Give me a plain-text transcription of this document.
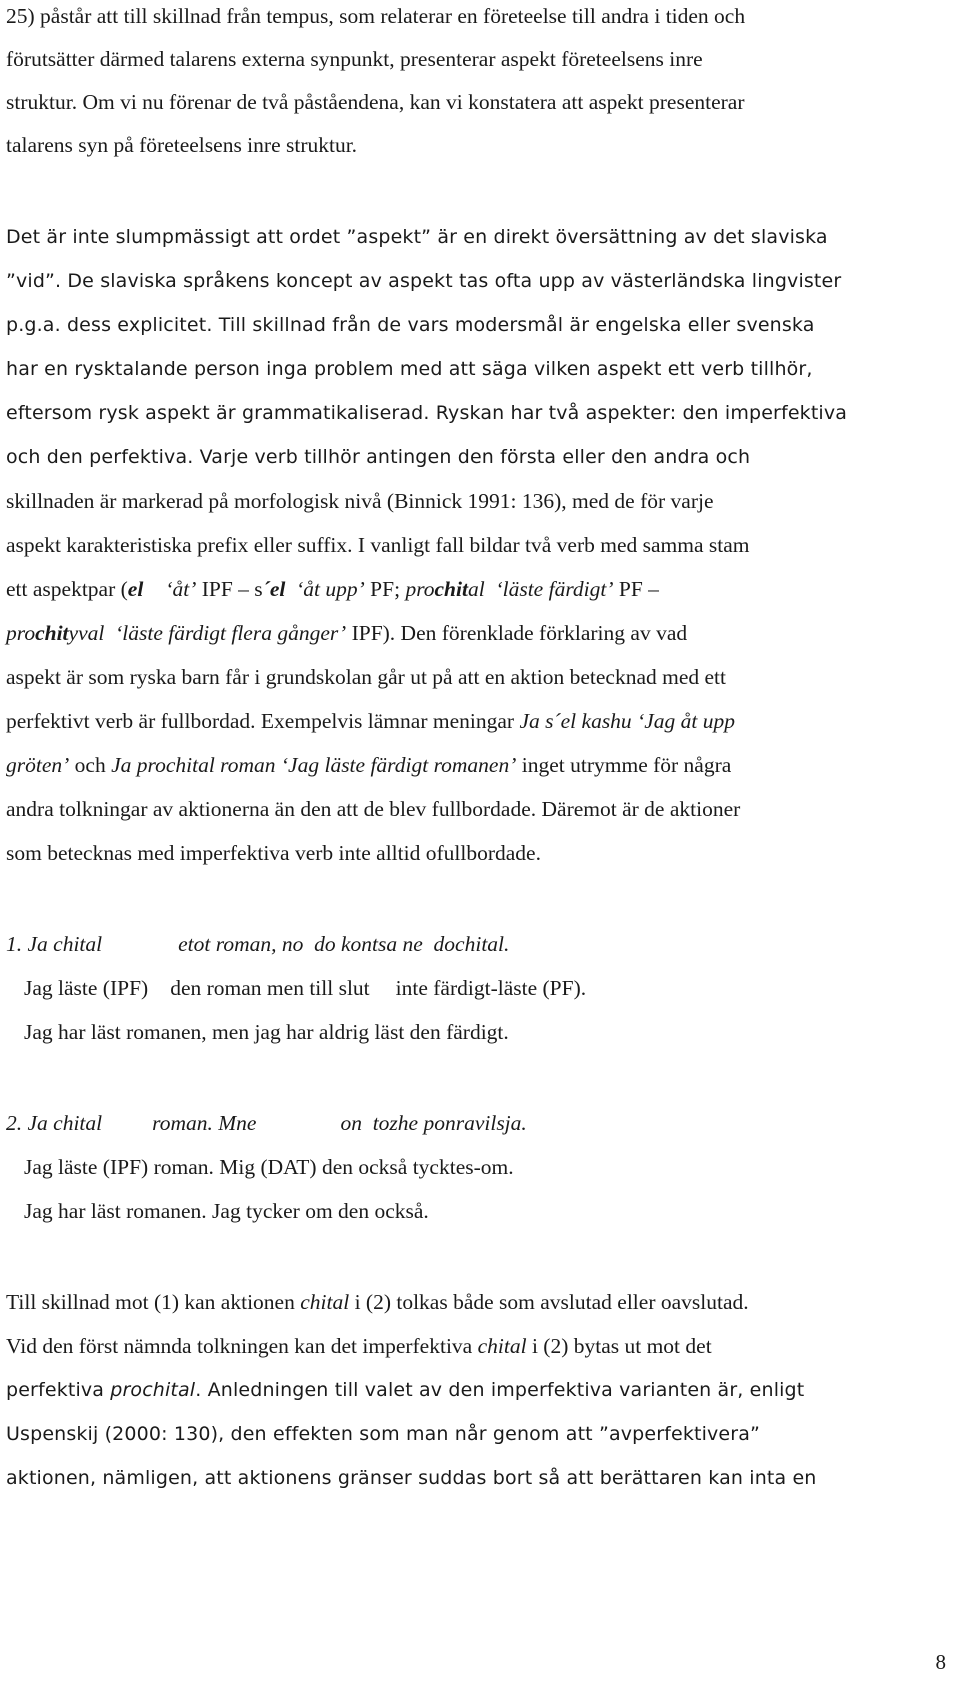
25) påstår att till skillnad från tempus, som relaterar en företeelse till andra i tiden och
förutsätter därmed talarens externa synpunkt, presenterar aspekt företeelsens inre
struktur. Om vi nu förenar de två påståendena, kan vi konstatera att aspekt presenterar
talarens syn på företeelsens inre struktur.
Det är inte slumpmässigt att ordet ”aspekt” är en direkt översättning av det slaviska
”vid”. De slaviska språkens koncept av aspekt tas ofta upp av västerländska lingvister
p.g.a. dess explicitet. Till skillnad från de vars modersmål är engelska eller svenska
har en rysktalande person inga problem med att säga vilken aspekt ett verb tillhör,
eftersom rysk aspekt är grammatikaliserad. Ryskan har två aspekter: den imperfektiva
och den perfektiva. Varje verb tillhör antingen den första eller den andra och
skillnaden är markerad på morfologisk nivå (Binnick 1991: 136), med de för varje
aspekt karakteristiska prefix eller suffix. I vanligt fall bildar två verb med samma stam
ett aspektpar (el ‘åt’ IPF – s´el ‘åt upp’ PF; prochital ‘läste färdigt’ PF –
prochityval ‘läste färdigt flera gånger’ IPF). Den förenklade förklaring av vad
aspekt är som ryska barn får i grundskolan går ut på att en aktion betecknad med ett
perfektivt verb är fullbordad. Exempelvis lämnar meningar Ja s´el kashu ‘Jag åt upp
gröten’ och Ja prochital roman ‘Jag läste färdigt romanen’ inget utrymme för några
andra tolkningar av aktionerna än den att de blev fullbordade. Däremot är de aktioner
som betecknas med imperfektiva verb inte alltid ofullbordade.
1. Ja chital	etot roman, no do kontsa ne dochital.
Jag läste (IPF) den roman men till slut inte färdigt-läste (PF).
Jag har läst romanen, men jag har aldrig läst den färdigt.
2. Ja chital roman. Mne	on tozhe ponravilsja.
Jag läste (IPF) roman. Mig (DAT) den också tycktes-om.
Jag har läst romanen. Jag tycker om den också.
Till skillnad mot (1) kan aktionen chital i (2) tolkas både som avslutad eller oavslutad.
Vid den först nämnda tolkningen kan det imperfektiva chital i (2) bytas ut mot det
perfektiva prochital. Anledningen till valet av den imperfektiva varianten är, enligt
Uspenskij (2000: 130), den effekten som man når genom att ”avperfektivera”
aktionen, nämligen, att aktionens gränser suddas bort så att berättaren kan inta en
8
